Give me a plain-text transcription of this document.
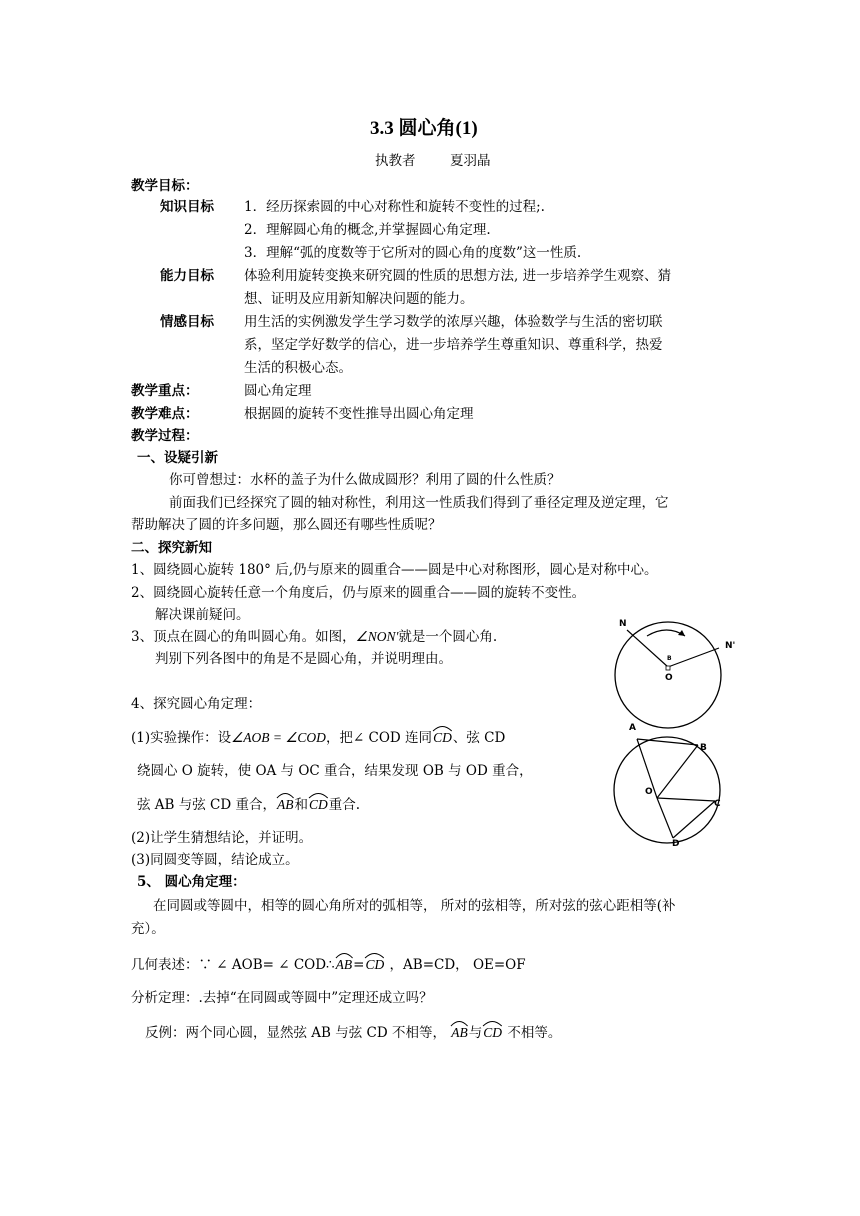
3.3 圆心角(1)
执教者	夏羽晶
教学目标：
知识目标 1．经历探索圆的中心对称性和旋转不变性的过程;.
2．理解圆心角的概念,并掌握圆心角定理.
3．理解“弧的度数等于它所对的圆心角的度数”这一性质.
能力目标 体验利用旋转变换来研究圆的性质的思想方法, 进一步培养学生观察、猜
想、证明及应用新知解决问题的能力。
情感目标 用生活的实例激发学生学习数学的浓厚兴趣，体验数学与生活的密切联
系，坚定学好数学的信心，进一步培养学生尊重知识、尊重科学，热爱
生活的积极心态。
教学重点：	圆心角定理
教学难点：	根据圆的旋转不变性推导出圆心角定理
教学过程：
一、设疑引新
你可曾想过：水杯的盖子为什么做成圆形？利用了圆的什么性质？
前面我们已经探究了圆的轴对称性，利用这一性质我们得到了垂径定理及逆定理，它
帮助解决了圆的许多问题，那么圆还有哪些性质呢？
二、探究新知
1、圆绕圆心旋转 180° 后,仍与原来的圆重合——圆是中心对称图形，圆心是对称中心。
2、圆绕圆心旋转任意一个角度后，仍与原来的圆重合——圆的旋转不变性。
解决课前疑问。
3、顶点在圆心的角叫圆心角。如图，∠NON′就是一个圆心角.
判别下列各图中的角是不是圆心角，并说明理由。
4、探究圆心角定理：
(1)实验操作：设∠AOB = ∠COD，把∠ COD 连同
CD、弦 CD
绕圆心 O 旋转，使 OA 与 OC 重合，结果发现 OB 与 OD 重合，
弦 AB 与弦 CD 重合，
AB和
CD重合.
(2)让学生猜想结论，并证明。
(3)同圆变等圆，结论成立。
5、 圆心角定理：
在同圆或等圆中，相等的圆心角所对的弧相等， 所对的弦相等，所对弦的弦心距相等(补
充）。
几何表述：∵ ∠ AOB= ∠ COD∴
AB=
CD ，AB=CD， OE=OF
分析定理：.去掉“在同圆或等圆中”定理还成立吗？
反例：两个同心圆，显然弦 AB 与弦 CD 不相等， AB与
CD 不相等。
N
N'
O
B
A
B
O
C
D
